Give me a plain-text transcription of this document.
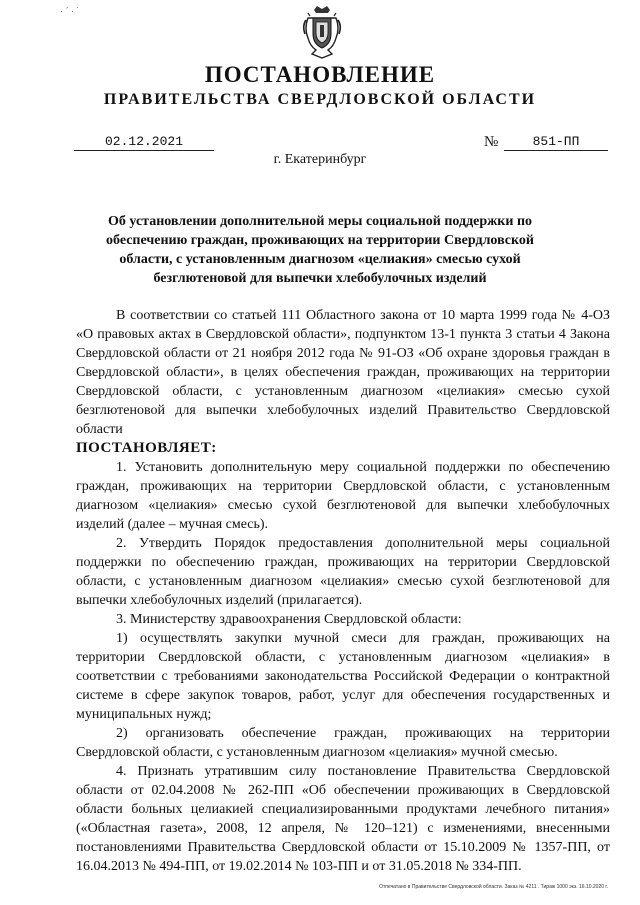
· ˊ · ˙
ПОСТАНОВЛЕНИЕ
ПРАВИТЕЛЬСТВА СВЕРДЛОВСКОЙ ОБЛАСТИ
02.12.2021	№	851-ПП
г. Екатеринбург
Об установлении дополнительной меры социальной поддержки по обеспечению граждан, проживающих на территории Свердловской области, с установленным диагнозом «целиакия» смесью сухой безглютеновой для выпечки хлебобулочных изделий

В соответствии со статьей 111 Областного закона от 10 марта 1999 года № 4-ОЗ «О правовых актах в Свердловской области», подпунктом 13-1 пункта 3 статьи 4 Закона Свердловской области от 21 ноября 2012 года № 91-ОЗ «Об охране здоровья граждан в Свердловской области», в целях обеспечения граждан, проживающих на территории Свердловской области, с установленным диагнозом «целиакия» смесью сухой безглютеновой для выпечки хлебобулочных изделий Правительство Свердловской области

ПОСТАНОВЛЯЕТ:

1. Установить дополнительную меру социальной поддержки по обеспечению граждан, проживающих на территории Свердловской области, с установленным диагнозом «целиакия» смесью сухой безглютеновой для выпечки хлебобулочных изделий (далее – мучная смесь).

2. Утвердить Порядок предоставления дополнительной меры социальной поддержки по обеспечению граждан, проживающих на территории Свердловской области, с установленным диагнозом «целиакия» смесью сухой безглютеновой для выпечки хлебобулочных изделий (прилагается).

3. Министерству здравоохранения Свердловской области:

1) осуществлять закупки мучной смеси для граждан, проживающих на территории Свердловской области, с установленным диагнозом «целиакия» в соответствии с требованиями законодательства Российской Федерации о контрактной системе в сфере закупок товаров, работ, услуг для обеспечения государственных и муниципальных нужд;

2) организовать обеспечение граждан, проживающих на территории Свердловской области, с установленным диагнозом «целиакия» мучной смесью.

4. Признать утратившим силу постановление Правительства Свердловской области от 02.04.2008 № 262-ПП «Об обеспечении проживающих в Свердловской области больных целиакией специализированными продуктами лечебного питания» («Областная газета», 2008, 12 апреля, № 120–121) с изменениями, внесенными постановлениями Правительства Свердловской области от 15.10.2009 № 1357-ПП, от 16.04.2013 № 494-ПП, от 19.02.2014 № 103-ПП и от 31.05.2018 № 334-ПП.

Отпечатано в Правительстве Свердловской области. Заказ № 4211 . Тираж 1000 экз. 16.10.2020 г.
